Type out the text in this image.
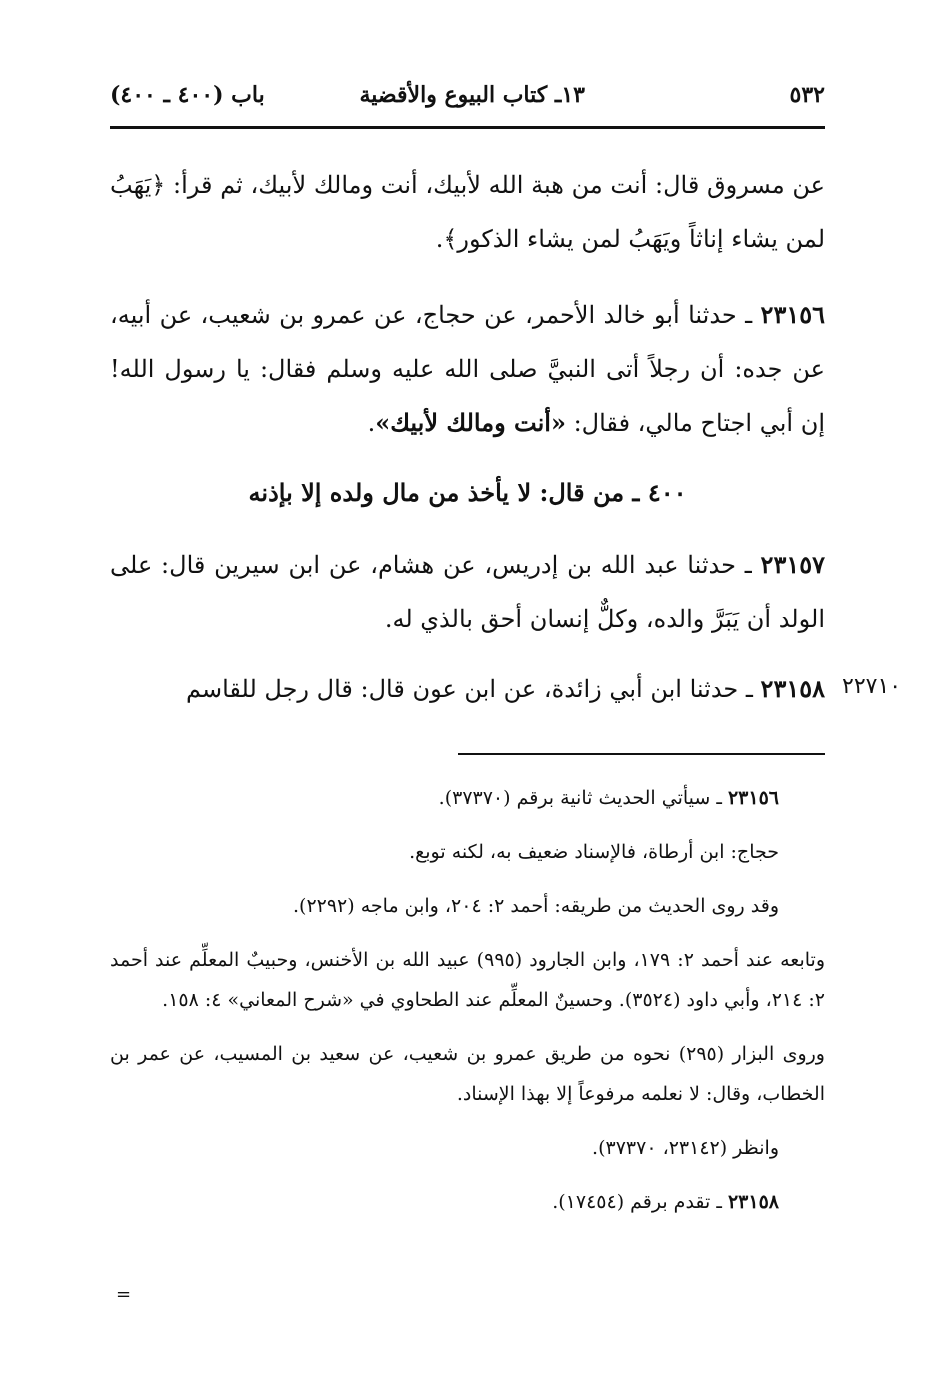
٥٣٢
١٣ـ كتاب البيوع والأقضية
باب (٤٠٠ ـ ٤٠٠)

عن مسروق قال: أنت من هبة الله لأبيك، أنت ومالك لأبيك، ثم قرأ: ﴿يَهَبُ لمن يشاء إناثاً ويَهَبُ لمن يشاء الذكور﴾.

٢٣١٥٦ ـ حدثنا أبو خالد الأحمر، عن حجاج، عن عمرو بن شعيب، عن أبيه، عن جده: أن رجلاً أتى النبيَّ صلى الله عليه وسلم فقال: يا رسول الله! إن أبي اجتاح مالي، فقال: «أنت ومالك لأبيك».

٤٠٠ ـ من قال: لا يأخذ من مال ولده إلا بإذنه

٢٣١٥٧ ـ حدثنا عبد الله بن إدريس، عن هشام، عن ابن سيرين قال: على الولد أن يَبَرَّ والده، وكلٌّ إنسان أحق بالذي له.

٢٣١٥٨ ـ حدثنا ابن أبي زائدة، عن ابن عون قال: قال رجل للقاسم	٢٢٧١٠

٢٣١٥٦ ـ سيأتي الحديث ثانية برقم (٣٧٣٧٠).

حجاج: ابن أرطاة، فالإسناد ضعيف به، لكنه توبع.

وقد روى الحديث من طريقه: أحمد ٢: ٢٠٤، وابن ماجه (٢٢٩٢).

وتابعه عند أحمد ٢: ١٧٩، وابن الجارود (٩٩٥) عبيد الله بن الأخنس، وحبيبٌ المعلِّم عند أحمد ٢: ٢١٤، وأبي داود (٣٥٢٤). وحسينٌ المعلِّم عند الطحاوي في «شرح المعاني» ٤: ١٥٨.

وروى البزار (٢٩٥) نحوه من طريق عمرو بن شعيب، عن سعيد بن المسيب، عن عمر بن الخطاب، وقال: لا نعلمه مرفوعاً إلا بهذا الإسناد.

وانظر (٢٣١٤٢، ٣٧٣٧٠).

٢٣١٥٨ ـ تقدم برقم (١٧٤٥٤).

=
